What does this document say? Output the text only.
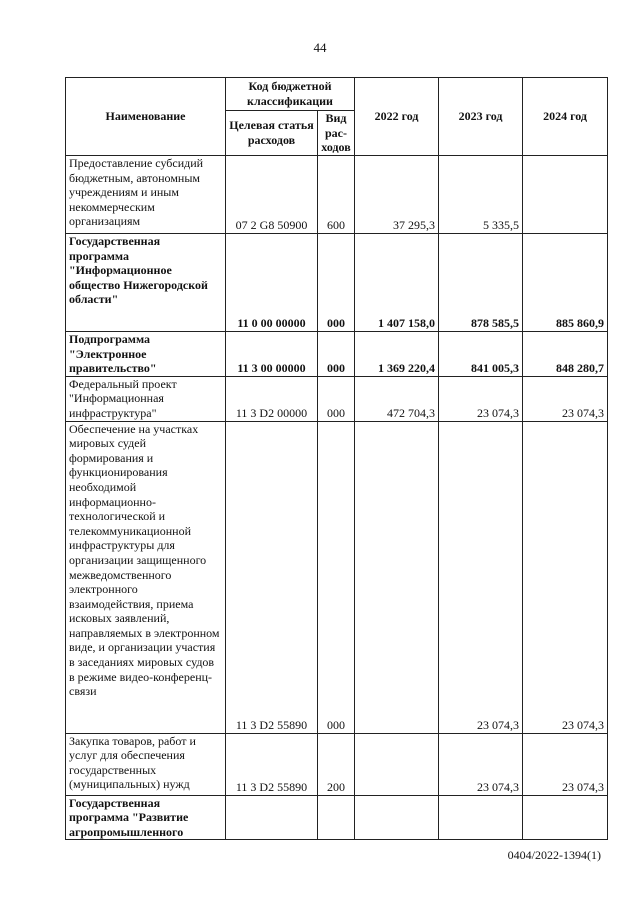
44
Наименование	Код бюджетной классификации		2022 год	2023 год	2024 год
	Целевая статья расходов	Вид рас-ходов			
Предоставление субсидий бюджетным, автономным учреждениям и иным некоммерческим организациям	07 2 G8 50900	600	37 295,3	5 335,5	
Государственная программа "Информационное общество Нижегородской области"	11 0 00 00000	000	1 407 158,0	878 585,5	885 860,9
Подпрограмма "Электронное правительство"	11 3 00 00000	000	1 369 220,4	841 005,3	848 280,7
Федеральный проект "Информационная инфраструктура"	11 3 D2 00000	000	472 704,3	23 074,3	23 074,3
Обеспечение на участках мировых судей формирования и функционирования необходимой информационно-технологической и телекоммуникационной инфраструктуры для организации защищенного межведомственного электронного взаимодействия, приема исковых заявлений, направляемых в электронном виде, и организации участия в заседаниях мировых судов в режиме видео-конференц-связи	11 3 D2 55890	000		23 074,3	23 074,3
Закупка товаров, работ и услуг для обеспечения государственных (муниципальных) нужд	11 3 D2 55890	200		23 074,3	23 074,3
Государственная программа "Развитие агропромышленного					
0404/2022-1394(1)
